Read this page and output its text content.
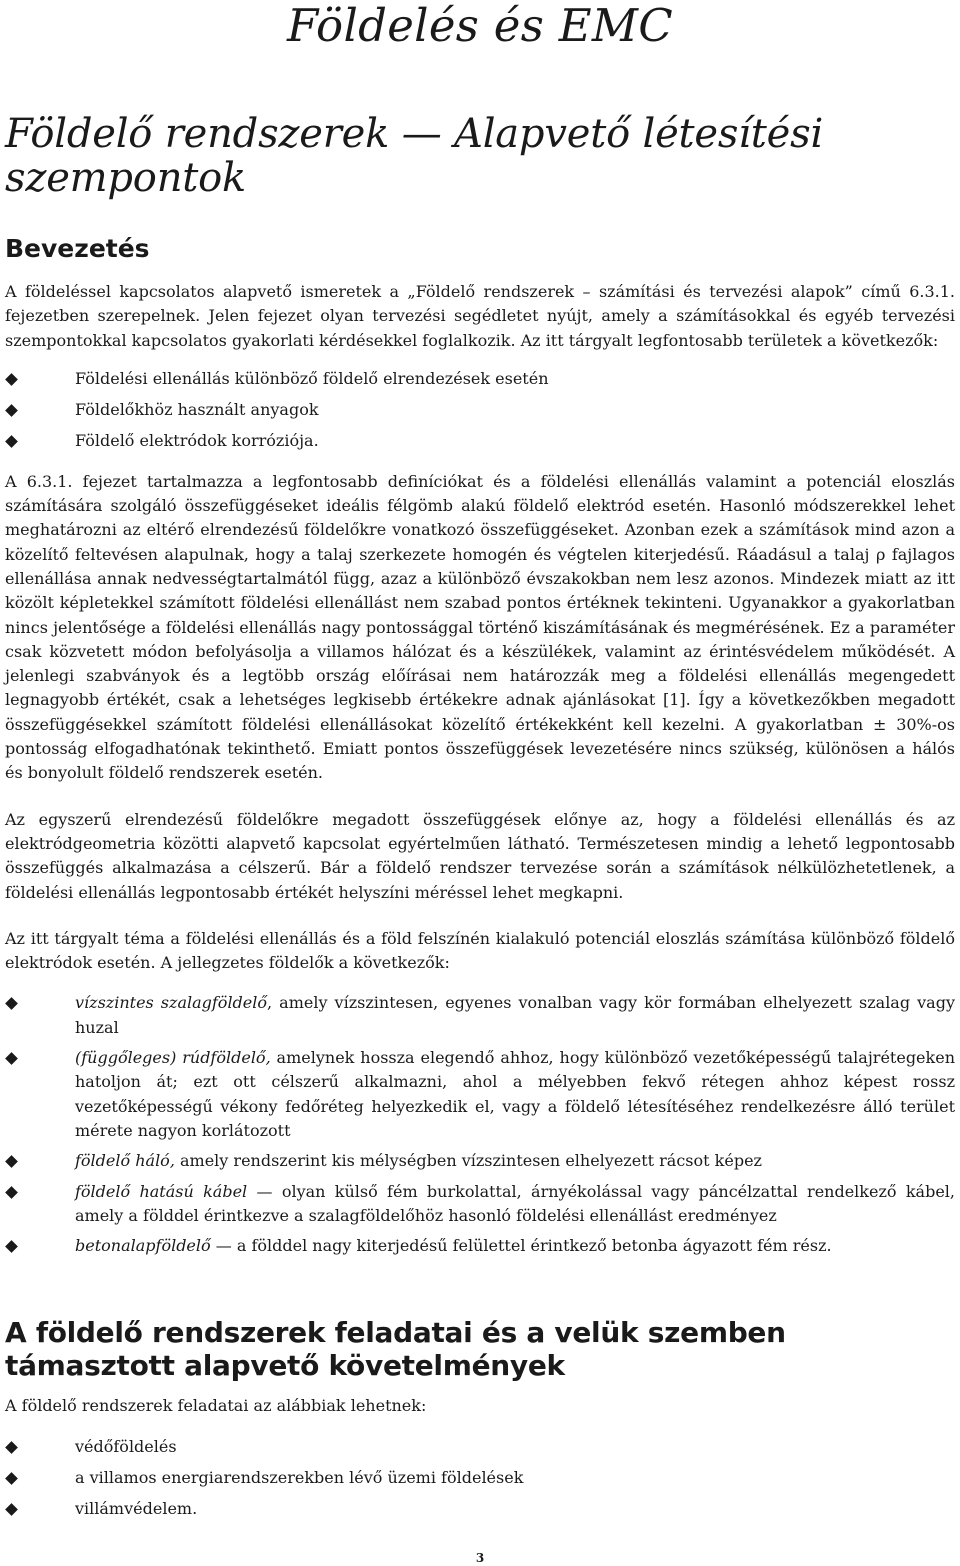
Földelés és EMC
Földelő rendszerek — Alapvető létesítési szempontok
Bevezetés

A földeléssel kapcsolatos alapvető ismeretek a „Földelő rendszerek – számítási és tervezési alapok” című 6.3.1. fejezetben szerepelnek. Jelen fejezet olyan tervezési segédletet nyújt, amely a számításokkal és egyéb tervezési szempontokkal kapcsolatos gyakorlati kérdésekkel foglalkozik. Az itt tárgyalt legfontosabb területek a következők:

Földelési ellenállás különböző földelő elrendezések esetén
Földelőkhöz használt anyagok
Földelő elektródok korróziója.

A 6.3.1. fejezet tartalmazza a legfontosabb definíciókat és a földelési ellenállás valamint a potenciál eloszlás számítására szolgáló összefüggéseket ideális félgömb alakú földelő elektród esetén. Hasonló módszerekkel lehet meghatározni az eltérő elrendezésű földelőkre vonatkozó összefüggéseket. Azonban ezek a számítások mind azon a közelítő feltevésen alapulnak, hogy a talaj szerkezete homogén és végtelen kiterjedésű. Ráadásul a talaj ρ fajlagos ellenállása annak nedvességtartalmától függ, azaz a különböző évszakokban nem lesz azonos. Mindezek miatt az itt közölt képletekkel számított földelési ellenállást nem szabad pontos értéknek tekinteni. Ugyanakkor a gyakorlatban nincs jelentősége a földelési ellenállás nagy pontossággal történő kiszámításának és megmérésének. Ez a paraméter csak közvetett módon befolyásolja a villamos hálózat és a készülékek, valamint az érintésvédelem működését. A jelenlegi szabványok és a legtöbb ország előírásai nem határozzák meg a földelési ellenállás megengedett legnagyobb értékét, csak a lehetséges legkisebb értékekre adnak ajánlásokat [1]. Így a következőkben megadott összefüggésekkel számított földelési ellenállásokat közelítő értékekként kell kezelni. A gyakorlatban ± 30%-os pontosság elfogadhatónak tekinthető. Emiatt pontos összefüggések levezetésére nincs szükség, különösen a hálós és bonyolult földelő rendszerek esetén.

Az egyszerű elrendezésű földelőkre megadott összefüggések előnye az, hogy a földelési ellenállás és az elektródgeometria közötti alapvető kapcsolat egyértelműen látható. Természetesen mindig a lehető legpontosabb összefüggés alkalmazása a célszerű. Bár a földelő rendszer tervezése során a számítások nélkülözhetetlenek, a földelési ellenállás legpontosabb értékét helyszíni méréssel lehet megkapni.

Az itt tárgyalt téma a földelési ellenállás és a föld felszínén kialakuló potenciál eloszlás számítása különböző földelő elektródok esetén. A jellegzetes földelők a következők:

vízszintes szalagföldelő, amely vízszintesen, egyenes vonalban vagy kör formában elhelyezett szalag vagy huzal
(függőleges) rúdföldelő, amelynek hossza elegendő ahhoz, hogy különböző vezetőképességű talajrétegeken hatoljon át; ezt ott célszerű alkalmazni, ahol a mélyebben fekvő rétegen ahhoz képest rossz vezetőképességű vékony fedőréteg helyezkedik el, vagy a földelő létesítéséhez rendelkezésre álló terület mérete nagyon korlátozott
földelő háló, amely rendszerint kis mélységben vízszintesen elhelyezett rácsot képez
földelő hatású kábel — olyan külső fém burkolattal, árnyékolással vagy páncélzattal rendelkező kábel, amely a földdel érintkezve a szalagföldelőhöz hasonló földelési ellenállást eredményez
betonalapföldelő — a földdel nagy kiterjedésű felülettel érintkező betonba ágyazott fém rész.
A földelő rendszerek feladatai és a velük szemben támasztott alapvető követelmények

A földelő rendszerek feladatai az alábbiak lehetnek:

védőföldelés
a villamos energiarendszerekben lévő üzemi földelések
villámvédelem.
3
